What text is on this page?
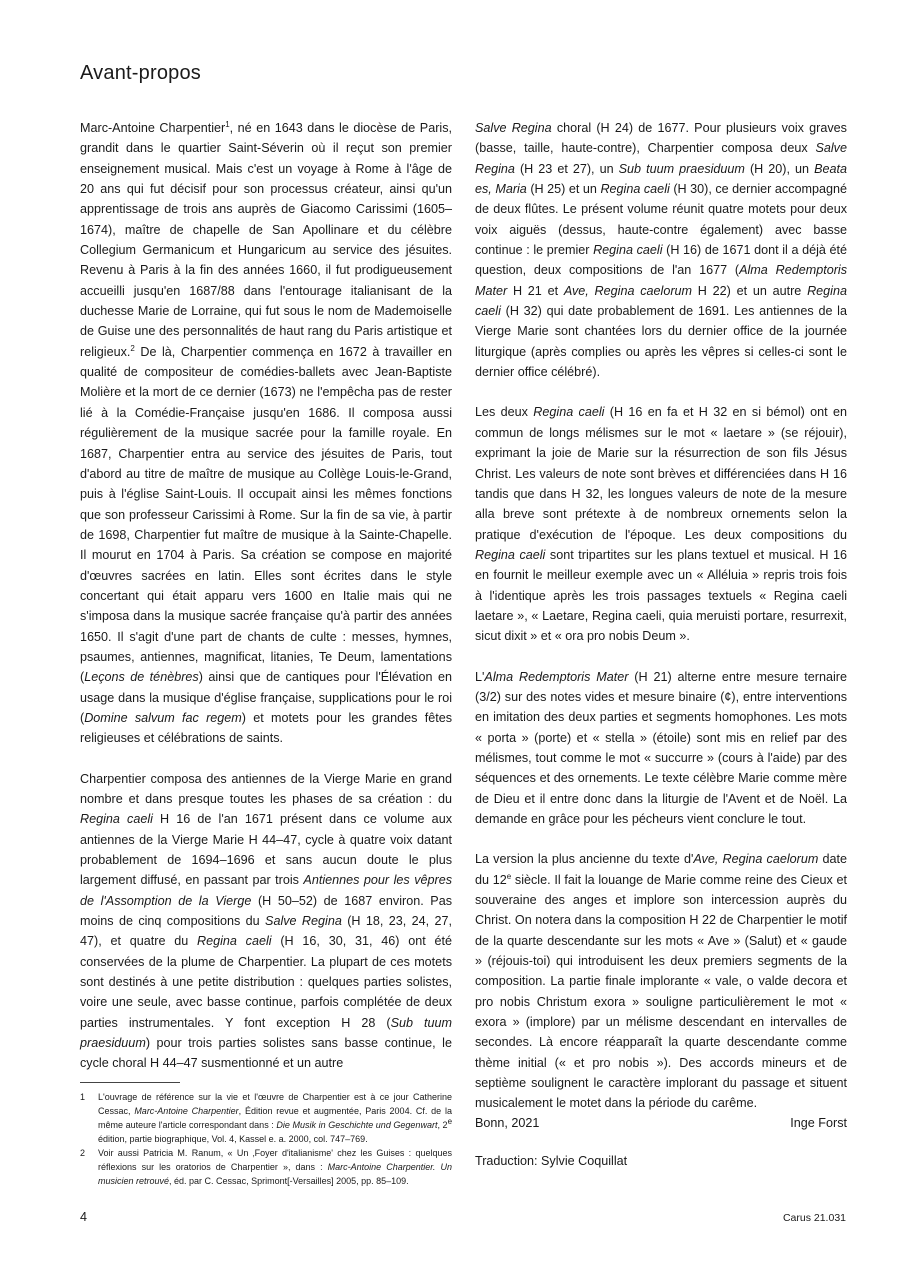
Avant-propos

Marc-Antoine Charpentier$^1$, né en 1643 dans le diocèse de Paris, grandit dans le quartier Saint-Séverin où il reçut son premier enseignement musical. Mais c'est un voyage à Rome à l'âge de 20 ans qui fut décisif pour son processus créateur, ainsi qu'un apprentissage de trois ans auprès de Giacomo Carissimi (1605–1674), maître de chapelle de San Apollinare et du célèbre Collegium Germanicum et Hungaricum au service des jésuites. Revenu à Paris à la fin des années 1660, il fut prodigueusement accueilli jusqu'en 1687/88 dans l'entourage italianisant de la duchesse Marie de Lorraine, qui fut sous le nom de Mademoiselle de Guise une des personnalités de haut rang du Paris artistique et religieux.$^2$ De là, Charpentier commença en 1672 à travailler en qualité de compositeur de comédies-ballets avec Jean-Baptiste Molière et la mort de ce dernier (1673) ne l'empêcha pas de rester lié à la Comédie-Française jusqu'en 1686. Il composa aussi régulièrement de la musique sacrée pour la famille royale. En 1687, Charpentier entra au service des jésuites de Paris, tout d'abord au titre de maître de musique au Collège Louis-le-Grand, puis à l'église Saint-Louis. Il occupait ainsi les mêmes fonctions que son professeur Carissimi à Rome. Sur la fin de sa vie, à partir de 1698, Charpentier fut maître de musique à la Sainte-Chapelle. Il mourut en 1704 à Paris. Sa création se compose en majorité d'œuvres sacrées en latin. Elles sont écrites dans le style concertant qui était apparu vers 1600 en Italie mais qui ne s'imposa dans la musique sacrée française qu'à partir des années 1650. Il s'agit d'une part de chants de culte : messes, hymnes, psaumes, antiennes, magnificat, litanies, Te Deum, lamentations (Leçons de ténèbres) ainsi que de cantiques pour l'Élévation en usage dans la musique d'église française, supplications pour le roi (Domine salvum fac regem) et motets pour les grandes fêtes religieuses et célébrations de saints.

Charpentier composa des antiennes de la Vierge Marie en grand nombre et dans presque toutes les phases de sa création : du Regina caeli H 16 de l'an 1671 présent dans ce volume aux antiennes de la Vierge Marie H 44–47, cycle à quatre voix datant probablement de 1694–1696 et sans aucun doute le plus largement diffusé, en passant par trois Antiennes pour les vêpres de l'Assomption de la Vierge (H 50–52) de 1687 environ. Pas moins de cinq compositions du Salve Regina (H 18, 23, 24, 27, 47), et quatre du Regina caeli (H 16, 30, 31, 46) ont été conservées de la plume de Charpentier. La plupart de ces motets sont destinés à une petite distribution : quelques parties solistes, voire une seule, avec basse continue, parfois complétée de deux parties instrumentales. Y font exception H 28 (Sub tuum praesiduum) pour trois parties solistes sans basse continue, le cycle choral H 44–47 susmentionné et un autre

1 L'ouvrage de référence sur la vie et l'œuvre de Charpentier est à ce jour Catherine Cessac, Marc-Antoine Charpentier, Édition revue et augmentée, Paris 2004. Cf. de la même auteure l'article correspondant dans : Die Musik in Geschichte und Gegenwart, 2e édition, partie biographique, Vol. 4, Kassel e. a. 2000, col. 747–769.

2 Voir aussi Patricia M. Ranum, « Un ‚Foyer d'italianisme' chez les Guises : quelques réflexions sur les oratorios de Charpentier », dans : Marc-Antoine Charpentier. Un musicien retrouvé, éd. par C. Cessac, Sprimont[-Versailles] 2005, pp. 85–109.

Salve Regina choral (H 24) de 1677. Pour plusieurs voix graves (basse, taille, haute-contre), Charpentier composa deux Salve Regina (H 23 et 27), un Sub tuum praesiduum (H 20), un Beata es, Maria (H 25) et un Regina caeli (H 30), ce dernier accompagné de deux flûtes. Le présent volume réunit quatre motets pour deux voix aiguës (dessus, haute-contre également) avec basse continue : le premier Regina caeli (H 16) de 1671 dont il a déjà été question, deux compositions de l'an 1677 (Alma Redemptoris Mater H 21 et Ave, Regina caelorum H 22) et un autre Regina caeli (H 32) qui date probablement de 1691. Les antiennes de la Vierge Marie sont chantées lors du dernier office de la journée liturgique (après complies ou après les vêpres si celles-ci sont le dernier office célébré).

Les deux Regina caeli (H 16 en fa et H 32 en si bémol) ont en commun de longs mélismes sur le mot « laetare » (se réjouir), exprimant la joie de Marie sur la résurrection de son fils Jésus Christ. Les valeurs de note sont brèves et différenciées dans H 16 tandis que dans H 32, les longues valeurs de note de la mesure alla breve sont prétexte à de nombreux ornements selon la pratique d'exécution de l'époque. Les deux compositions du Regina caeli sont tripartites sur les plans textuel et musical. H 16 en fournit le meilleur exemple avec un « Alléluia » repris trois fois à l'identique après les trois passages textuels « Regina caeli laetare », « Laetare, Regina caeli, quia meruisti portare, resurrexit, sicut dixit » et « ora pro nobis Deum ».

L'Alma Redemptoris Mater (H 21) alterne entre mesure ternaire (3/2) sur des notes vides et mesure binaire (¢), entre interventions en imitation des deux parties et segments homophones. Les mots « porta » (porte) et « stella » (étoile) sont mis en relief par des mélismes, tout comme le mot « succurre » (cours à l'aide) par des séquences et des ornements. Le texte célèbre Marie comme mère de Dieu et il entre donc dans la liturgie de l'Avent et de Noël. La demande en grâce pour les pécheurs vient conclure le tout.

La version la plus ancienne du texte d'Ave, Regina caelorum date du 12e siècle. Il fait la louange de Marie comme reine des Cieux et souveraine des anges et implore son intercession auprès du Christ. On notera dans la composition H 22 de Charpentier le motif de la quarte descendante sur les mots « Ave » (Salut) et « gaude » (réjouis-toi) qui introduisent les deux premiers segments de la composition. La partie finale implorante « vale, o valde decora et pro nobis Christum exora » souligne particulièrement le mot « exora » (implore) par un mélisme descendant en intervalles de secondes. Là encore réapparaît la quarte descendante comme thème initial (« et pro nobis »). Des accords mineurs et de septième soulignent le caractère implorant du passage et situent musicalement le motet dans la période du carême.

Bonn, 2021	Inge Forst
Traduction: Sylvie Coquillat
4	Carus 21.031
